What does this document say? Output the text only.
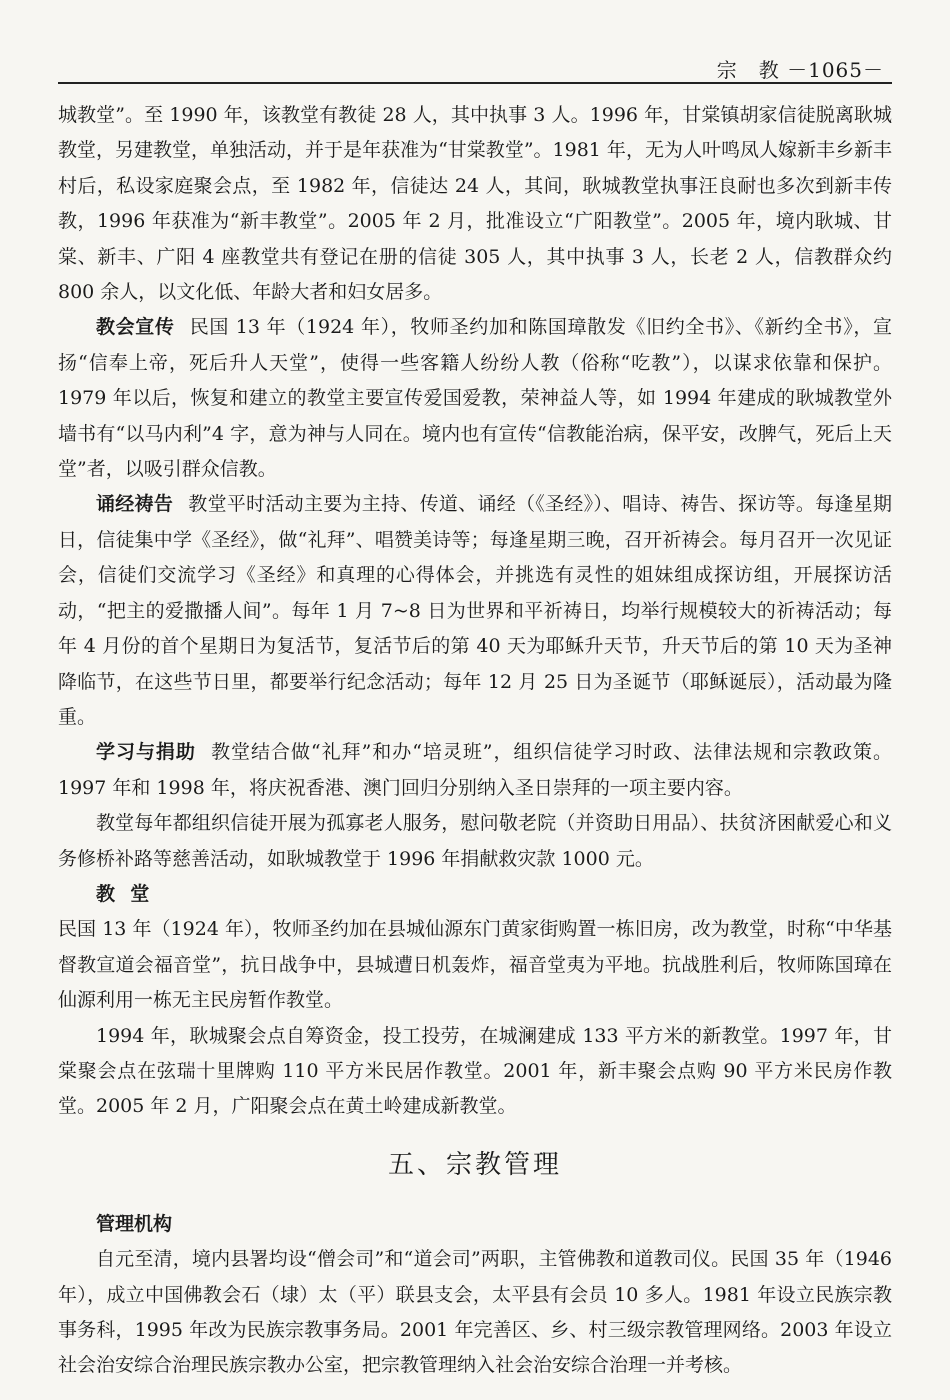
宗　教 －1065－

城教堂”。至 1990 年，该教堂有教徒 28 人，其中执事 3 人。1996 年，甘棠镇胡家信徒脱离耿城教堂，另建教堂，单独活动，并于是年获准为“甘棠教堂”。1981 年，无为人叶鸣凤人嫁新丰乡新丰村后，私设家庭聚会点，至 1982 年，信徒达 24 人，其间，耿城教堂执事汪良耐也多次到新丰传教，1996 年获准为“新丰教堂”。2005 年 2 月，批准设立“广阳教堂”。2005 年，境内耿城、甘棠、新丰、广阳 4 座教堂共有登记在册的信徒 305 人，其中执事 3 人，长老 2 人，信教群众约 800 余人，以文化低、年龄大者和妇女居多。

教会宣传 民国 13 年（1924 年），牧师圣约加和陈国璋散发《旧约全书》、《新约全书》，宣扬“信奉上帝，死后升人天堂”，使得一些客籍人纷纷人教（俗称“吃教”），以谋求依靠和保护。1979 年以后，恢复和建立的教堂主要宣传爱国爱教，荣神益人等，如 1994 年建成的耿城教堂外墙书有“以马内利”4 字，意为神与人同在。境内也有宣传“信教能治病，保平安，改脾气，死后上天堂”者，以吸引群众信教。

诵经祷告 教堂平时活动主要为主持、传道、诵经（《圣经》）、唱诗、祷告、探访等。每逢星期日，信徒集中学《圣经》，做“礼拜”、唱赞美诗等；每逢星期三晚，召开祈祷会。每月召开一次见证会，信徒们交流学习《圣经》和真理的心得体会，并挑选有灵性的姐妹组成探访组，开展探访活动，“把主的爱撒播人间”。每年 1 月 7~8 日为世界和平祈祷日，均举行规模较大的祈祷活动；每年 4 月份的首个星期日为复活节，复活节后的第 40 天为耶稣升天节，升天节后的第 10 天为圣神降临节，在这些节日里，都要举行纪念活动；每年 12 月 25 日为圣诞节（耶稣诞辰），活动最为隆重。

学习与捐助 教堂结合做“礼拜”和办“培灵班”，组织信徒学习时政、法律法规和宗教政策。1997 年和 1998 年，将庆祝香港、澳门回归分别纳入圣日崇拜的一项主要内容。

教堂每年都组织信徒开展为孤寡老人服务，慰问敬老院（并资助日用品）、扶贫济困献爱心和义务修桥补路等慈善活动，如耿城教堂于 1996 年捐献救灾款 1000 元。

教堂

民国 13 年（1924 年），牧师圣约加在县城仙源东门黄家街购置一栋旧房，改为教堂，时称“中华基督教宣道会福音堂”，抗日战争中，县城遭日机轰炸，福音堂夷为平地。抗战胜利后，牧师陈国璋在仙源利用一栋无主民房暂作教堂。

1994 年，耿城聚会点自筹资金，投工投劳，在城澜建成 133 平方米的新教堂。1997 年，甘棠聚会点在弦瑞十里牌购 110 平方米民居作教堂。2001 年，新丰聚会点购 90 平方米民房作教堂。2005 年 2 月，广阳聚会点在黄土岭建成新教堂。

五、宗教管理
管理机构

自元至清，境内县署均设“僧会司”和“道会司”两职，主管佛教和道教司仪。民国 35 年（1946 年），成立中国佛教会石（埭）太（平）联县支会，太平县有会员 10 多人。1981 年设立民族宗教事务科，1995 年改为民族宗教事务局。2001 年完善区、乡、村三级宗教管理网络。2003 年设立社会治安综合治理民族宗教办公室，把宗教管理纳入社会治安综合治理一并考核。
